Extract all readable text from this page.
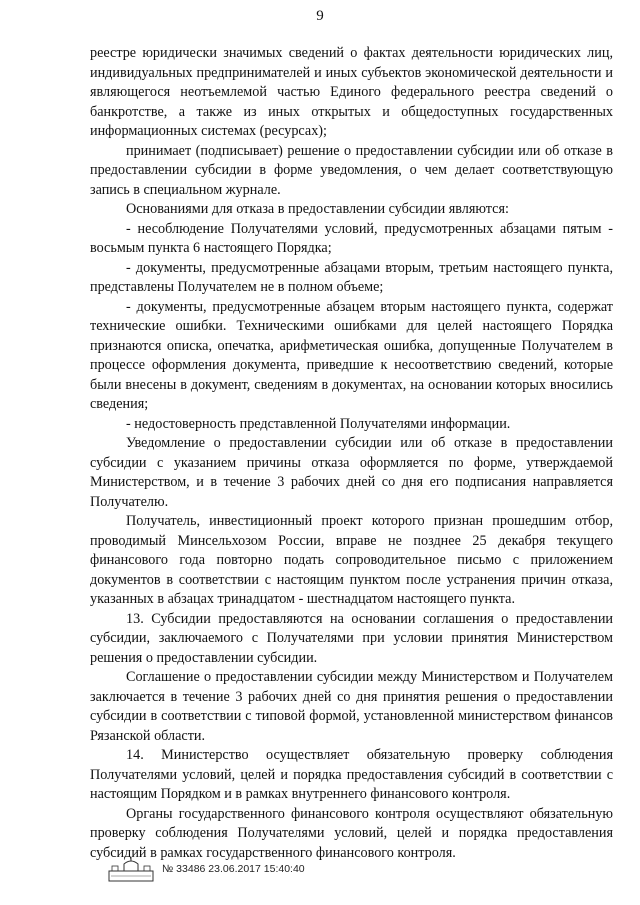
9

реестре юридически значимых сведений о фактах деятельности юридических лиц, индивидуальных предпринимателей и иных субъектов экономической деятельности и являющегося неотъемлемой частью Единого федерального реестра сведений о банкротстве, а также из иных открытых и общедоступных государственных информационных системах (ресурсах);

принимает (подписывает) решение о предоставлении субсидии или об отказе в предоставлении субсидии в форме уведомления, о чем делает соответствующую запись в специальном журнале.

Основаниями для отказа в предоставлении субсидии являются:

- несоблюдение Получателями условий, предусмотренных абзацами пятым - восьмым пункта 6 настоящего Порядка;

- документы, предусмотренные абзацами вторым, третьим настоящего пункта, представлены Получателем не в полном объеме;

- документы, предусмотренные абзацем вторым настоящего пункта, содержат технические ошибки. Техническими ошибками для целей настоящего Порядка признаются описка, опечатка, арифметическая ошибка, допущенные Получателем в процессе оформления документа, приведшие к несоответствию сведений, которые были внесены в документ, сведениям в документах, на основании которых вносились сведения;

- недостоверность представленной Получателями информации.

Уведомление о предоставлении субсидии или об отказе в предоставлении субсидии с указанием причины отказа оформляется по форме, утверждаемой Министерством, и в течение 3 рабочих дней со дня его подписания направляется Получателю.

Получатель, инвестиционный проект которого признан прошедшим отбор, проводимый Минсельхозом России, вправе не позднее 25 декабря текущего финансового года повторно подать сопроводительное письмо с приложением документов в соответствии с настоящим пунктом после устранения причин отказа, указанных в абзацах тринадцатом - шестнадцатом настоящего пункта.

13. Субсидии предоставляются на основании соглашения о предоставлении субсидии, заключаемого с Получателями при условии принятия Министерством решения о предоставлении субсидии.

Соглашение о предоставлении субсидии между Министерством и Получателем заключается в течение 3 рабочих дней со дня принятия решения о предоставлении субсидии в соответствии с типовой формой, установленной министерством финансов Рязанской области.

14. Министерство осуществляет обязательную проверку соблюдения Получателями условий, целей и порядка предоставления субсидий в соответствии с настоящим Порядком и в рамках внутреннего финансового контроля.

Органы государственного финансового контроля осуществляют обязательную проверку соблюдения Получателями условий, целей и порядка предоставления субсидий в рамках государственного финансового контроля.

№ 33486 23.06.2017 15:40:40
